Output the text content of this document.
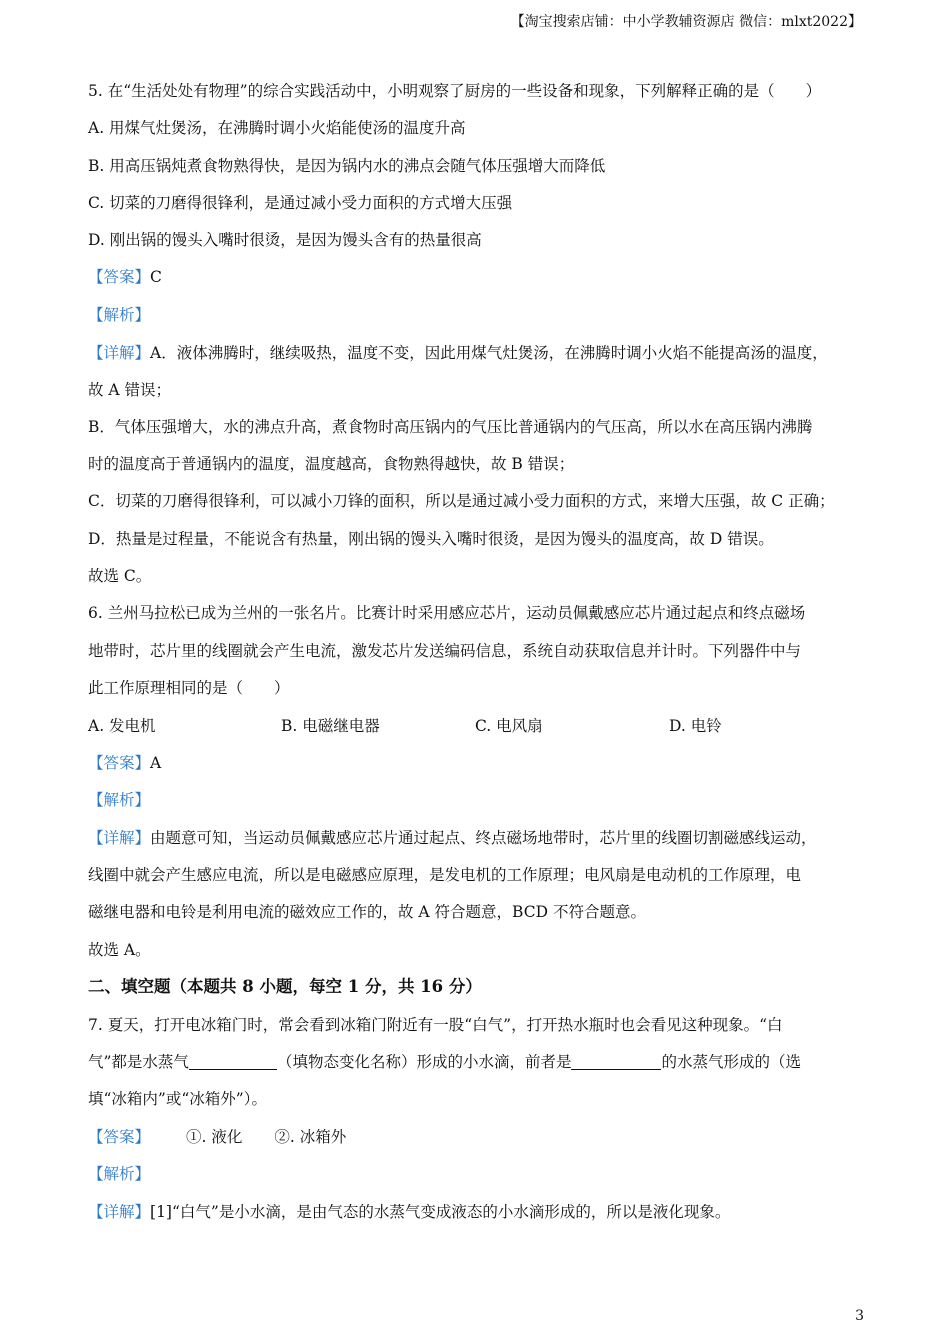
【淘宝搜索店铺：中小学教辅资源店 微信：mlxt2022】
5. 在“生活处处有物理”的综合实践活动中，小明观察了厨房的一些设备和现象，下列解释正确的是（　　）
A. 用煤气灶煲汤，在沸腾时调小火焰能使汤的温度升高
B. 用高压锅炖煮食物熟得快，是因为锅内水的沸点会随气体压强增大而降低
C. 切菜的刀磨得很锋利，是通过减小受力面积的方式增大压强
D. 刚出锅的馒头入嘴时很烫，是因为馒头含有的热量很高
【答案】C
【解析】
【详解】A．液体沸腾时，继续吸热，温度不变，因此用煤气灶煲汤，在沸腾时调小火焰不能提高汤的温度，
故 A 错误；
B．气体压强增大，水的沸点升高，煮食物时高压锅内的气压比普通锅内的气压高，所以水在高压锅内沸腾
时的温度高于普通锅内的温度，温度越高，食物熟得越快，故 B 错误；
C．切菜的刀磨得很锋利，可以减小刀锋的面积，所以是通过减小受力面积的方式，来增大压强，故 C 正确；
D．热量是过程量，不能说含有热量，刚出锅的馒头入嘴时很烫，是因为馒头的温度高，故 D 错误。
故选 C。
6. 兰州马拉松已成为兰州的一张名片。比赛计时采用感应芯片，运动员佩戴感应芯片通过起点和终点磁场
地带时，芯片里的线圈就会产生电流，激发芯片发送编码信息，系统自动获取信息并计时。下列器件中与
此工作原理相同的是（　　）
A. 发电机	B. 电磁继电器	C. 电风扇	D. 电铃
【答案】A
【解析】
【详解】由题意可知，当运动员佩戴感应芯片通过起点、终点磁场地带时，芯片里的线圈切割磁感线运动，
线圈中就会产生感应电流，所以是电磁感应原理，是发电机的工作原理；电风扇是电动机的工作原理，电
磁继电器和电铃是利用电流的磁效应工作的，故 A 符合题意，BCD 不符合题意。
故选 A。
二、填空题（本题共 8 小题，每空 1 分，共 16 分）
7. 夏天，打开电冰箱门时，常会看到冰箱门附近有一股“白气”，打开热水瓶时也会看见这种现象。“白
气”都是水蒸气	（填物态变化名称）形成的小水滴，前者是	的水蒸气形成的（选
填“冰箱内”或“冰箱外”）。
【答案】 ①. 液化 ②. 冰箱外
【解析】
【详解】[1]“白气”是小水滴，是由气态的水蒸气变成液态的小水滴形成的，所以是液化现象。
3
